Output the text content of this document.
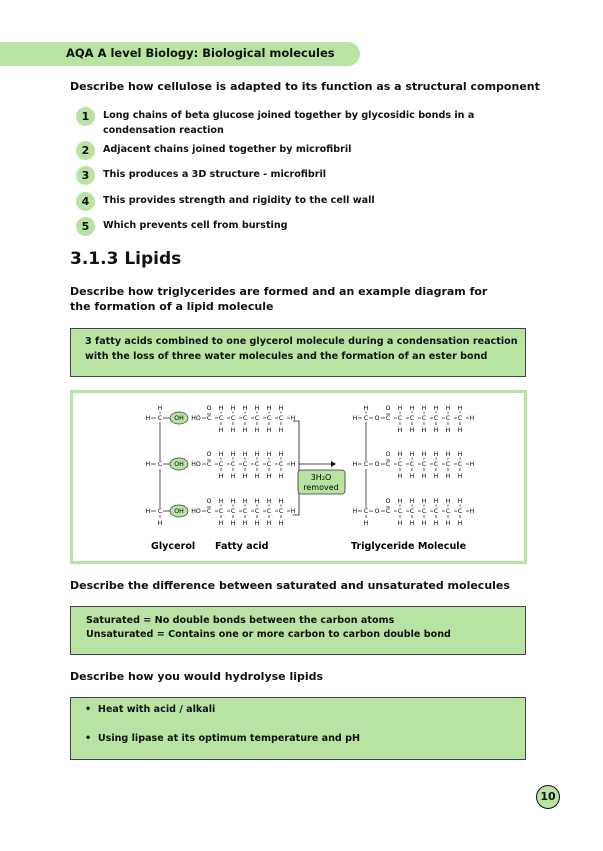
AQA A level Biology: Biological molecules
Describe how cellulose is adapted to its function as a structural component
1	Long chains of beta glucose joined together by glycosidic bonds in a condensation reaction
2	Adjacent chains joined together by microfibril
3	This produces a 3D structure - microfibril
4	This provides strength and rigidity to the cell wall
5	Which prevents cell from bursting
3.1.3 Lipids
Describe how triglycerides are formed and an example diagram for the formation of a lipid molecule
3 fatty acids combined to one glycerol molecule during a condensation reaction with the loss of three water molecules and the formation of an ester bond
H C OH
H
HO C
O
C
H
H
C
H
H
C
H
H
C
H
H
C
H
H
C
H
H
H	H C O C
O
C
H
H
C
H
H
C
H
H
C
H
H
C
H
H
C
H
H
H
H
H C OH HO C
O
C
H
H
C
H
H
C
H
H
C
H
H
C
H
H
C
H
H
H	H C O C
O
C
H
H
C
H
H
C
H
H
C
H
H
C
H
H
C
H
H
H
H C OH
H
HO C
O
C
H
H
C
H
H
C
H
H
C
H
H
C
H
H
C
H
H
H	H C O C
O
C
H
H
C
H
H
C
H
H
C
H
H
C
H
H
C
H
H
H
H
3H₂O
removed
Glycerol Fatty acid	Triglyceride Molecule
Describe the difference between saturated and unsaturated molecules
Saturated = No double bonds between the carbon atoms
Unsaturated = Contains one or more carbon to carbon double bond
Describe how you would hydrolyse lipids
•  Heat with acid / alkali
•  Using lipase at its optimum temperature and pH
10
